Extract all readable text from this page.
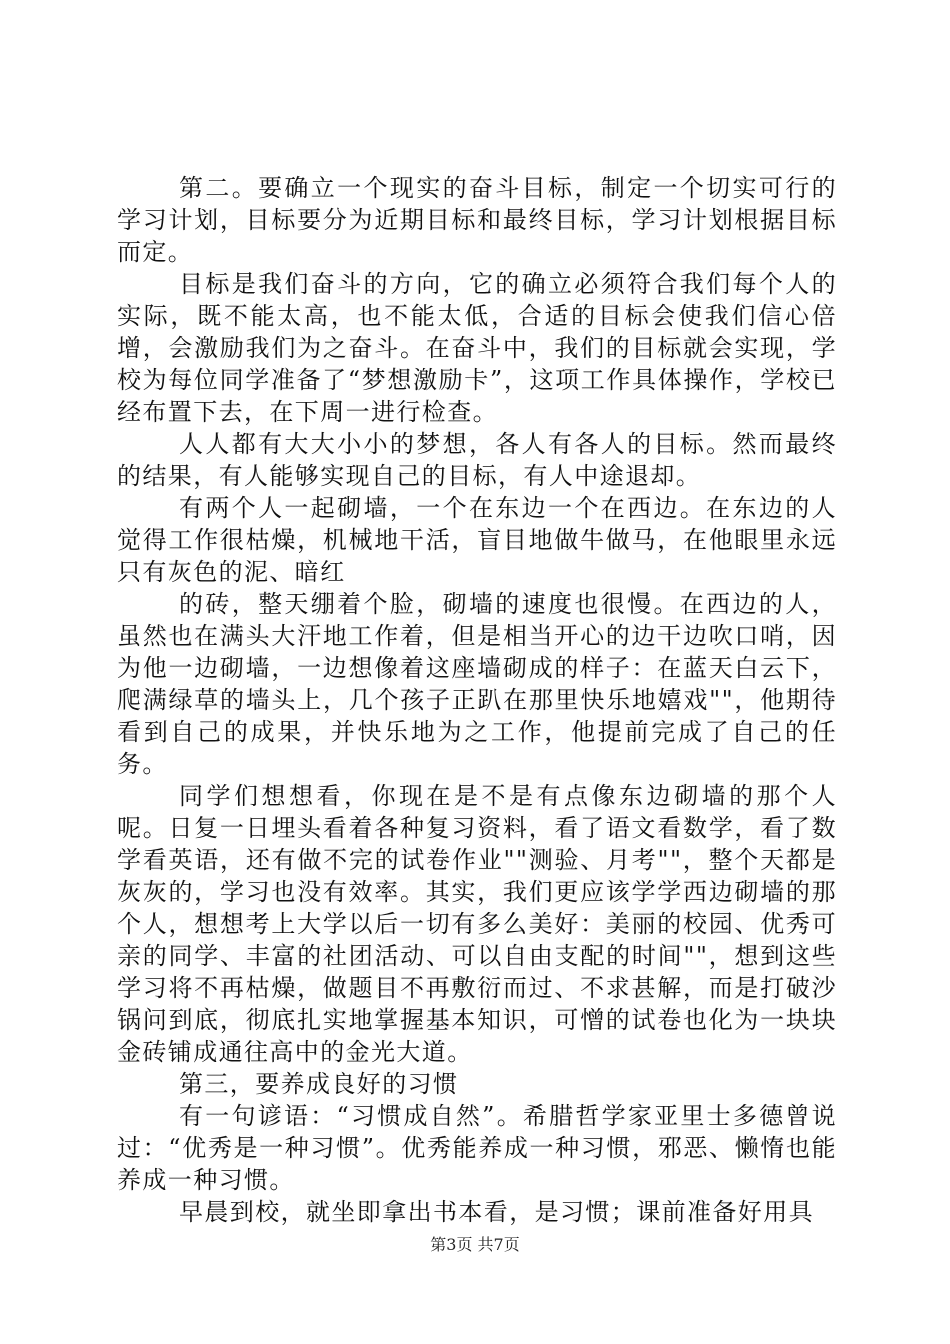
第二。要确立一个现实的奋斗目标，制定一个切实可行的学习计划，目标要分为近期目标和最终目标，学习计划根据目标而定。

目标是我们奋斗的方向，它的确立必须符合我们每个人的实际，既不能太高，也不能太低，合适的目标会使我们信心倍增，会激励我们为之奋斗。在奋斗中，我们的目标就会实现，学校为每位同学准备了“梦想激励卡”，这项工作具体操作，学校已经布置下去，在下周一进行检查。

人人都有大大小小的梦想，各人有各人的目标。然而最终的结果，有人能够实现自己的目标，有人中途退却。

有两个人一起砌墙，一个在东边一个在西边。在东边的人觉得工作很枯燥，机械地干活，盲目地做牛做马，在他眼里永远只有灰色的泥、暗红

的砖，整天绷着个脸，砌墙的速度也很慢。在西边的人，虽然也在满头大汗地工作着，但是相当开心的边干边吹口哨，因为他一边砌墙，一边想像着这座墙砌成的样子：在蓝天白云下，爬满绿草的墙头上，几个孩子正趴在那里快乐地嬉戏""，他期待看到自己的成果，并快乐地为之工作，他提前完成了自己的任务。

同学们想想看，你现在是不是有点像东边砌墙的那个人呢。日复一日埋头看着各种复习资料，看了语文看数学，看了数学看英语，还有做不完的试卷作业""测验、月考""，整个天都是灰灰的，学习也没有效率。其实，我们更应该学学西边砌墙的那个人，想想考上大学以后一切有多么美好：美丽的校园、优秀可亲的同学、丰富的社团活动、可以自由支配的时间""，想到这些学习将不再枯燥，做题目不再敷衍而过、不求甚解，而是打破沙锅问到底，彻底扎实地掌握基本知识，可憎的试卷也化为一块块金砖铺成通往高中的金光大道。

第三，要养成良好的习惯

有一句谚语：“习惯成自然”。希腊哲学家亚里士多德曾说过：“优秀是一种习惯”。优秀能养成一种习惯，邪恶、懒惰也能养成一种习惯。

早晨到校，就坐即拿出书本看，是习惯；课前准备好用具

第3页 共7页
